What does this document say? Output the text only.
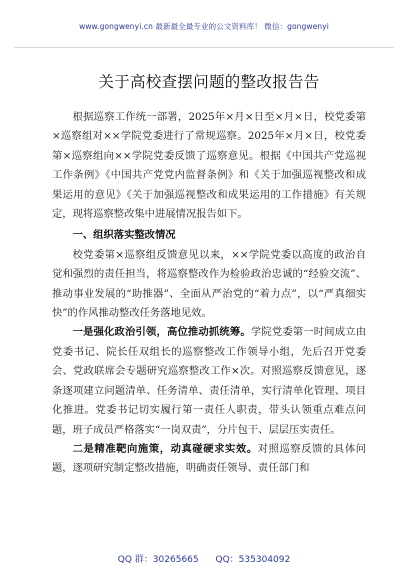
www.gongwenyi.cn 最新最全最专业的公文资料库！ 微信：gongwenyi
关于高校查摆问题的整改报告告

根据巡察工作统一部署，2025年×月×日至×月×日，校党委第×巡察组对××学院党委进行了常规巡察。2025年×月×日，校党委第×巡察组向××学院党委反馈了巡察意见。根据《中国共产党巡视工作条例》《中国共产党党内监督条例》和《关于加强巡视整改和成果运用的意见》《关于加强巡视整改和成果运用的工作措施》有关规定，现将巡察整改集中进展情况报告如下。

一、组织落实整改情况

校党委第×巡察组反馈意见以来，××学院党委以高度的政治自觉和强烈的责任担当，将巡察整改作为检验政治忠诚的“经验交流”、推动事业发展的“助推器”、全面从严治党的“着力点”，以“严真细实快”的作风推动整改任务落地见效。

一是强化政治引领，高位推动抓统筹。学院党委第一时间成立由党委书记、院长任双组长的巡察整改工作领导小组，先后召开党委会、党政联席会专题研究巡察整改工作×次。对照巡察反馈意见，逐条逐项建立问题清单、任务清单、责任清单，实行清单化管理、项目化推进。党委书记切实履行第一责任人职责，带头认领重点难点问题，班子成员严格落实“一岗双责”，分片包干、层层压实责任。

二是精准靶向施策，动真碰硬求实效。对照巡察反馈的具体问题，逐项研究制定整改措施，明确责任领导、责任部门和

QQ 群：30265665 QQ：535304092
